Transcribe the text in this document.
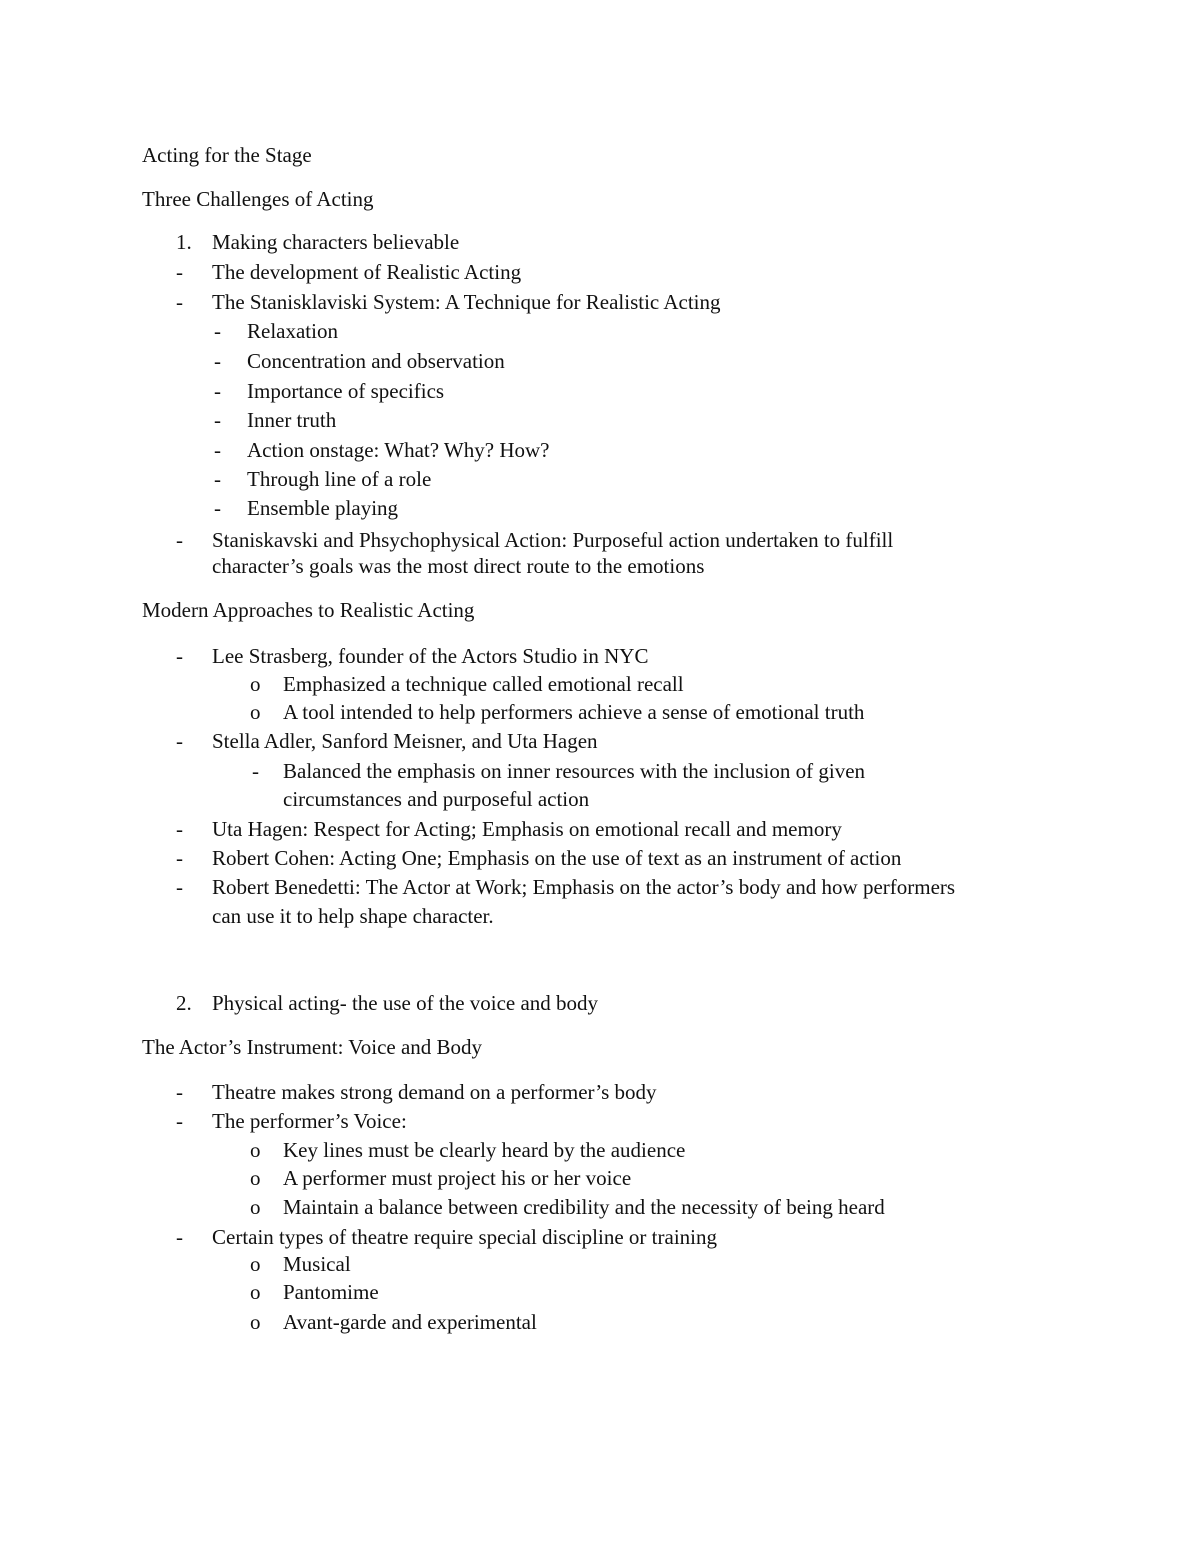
Acting for the Stage
Three Challenges of Acting
1. Making characters believable
- The development of Realistic Acting
- The Stanisklaviski System: A Technique for Realistic Acting
- Relaxation
- Concentration and observation
- Importance of specifics
- Inner truth
- Action onstage: What? Why? How?
- Through line of a role
- Ensemble playing
- Staniskavski and Phsychophysical Action: Purposeful action undertaken to fulfill
character’s goals was the most direct route to the emotions
Modern Approaches to Realistic Acting
- Lee Strasberg, founder of the Actors Studio in NYC
o Emphasized a technique called emotional recall
o A tool intended to help performers achieve a sense of emotional truth
- Stella Adler, Sanford Meisner, and Uta Hagen
- Balanced the emphasis on inner resources with the inclusion of given
circumstances and purposeful action
- Uta Hagen: Respect for Acting; Emphasis on emotional recall and memory
- Robert Cohen: Acting One; Emphasis on the use of text as an instrument of action
- Robert Benedetti: The Actor at Work; Emphasis on the actor’s body and how performers
can use it to help shape character.
2. Physical acting- the use of the voice and body
The Actor’s Instrument: Voice and Body
- Theatre makes strong demand on a performer’s body
- The performer’s Voice:
o Key lines must be clearly heard by the audience
o A performer must project his or her voice
o Maintain a balance between credibility and the necessity of being heard
- Certain types of theatre require special discipline or training
o Musical
o Pantomime
o Avant-garde and experimental
